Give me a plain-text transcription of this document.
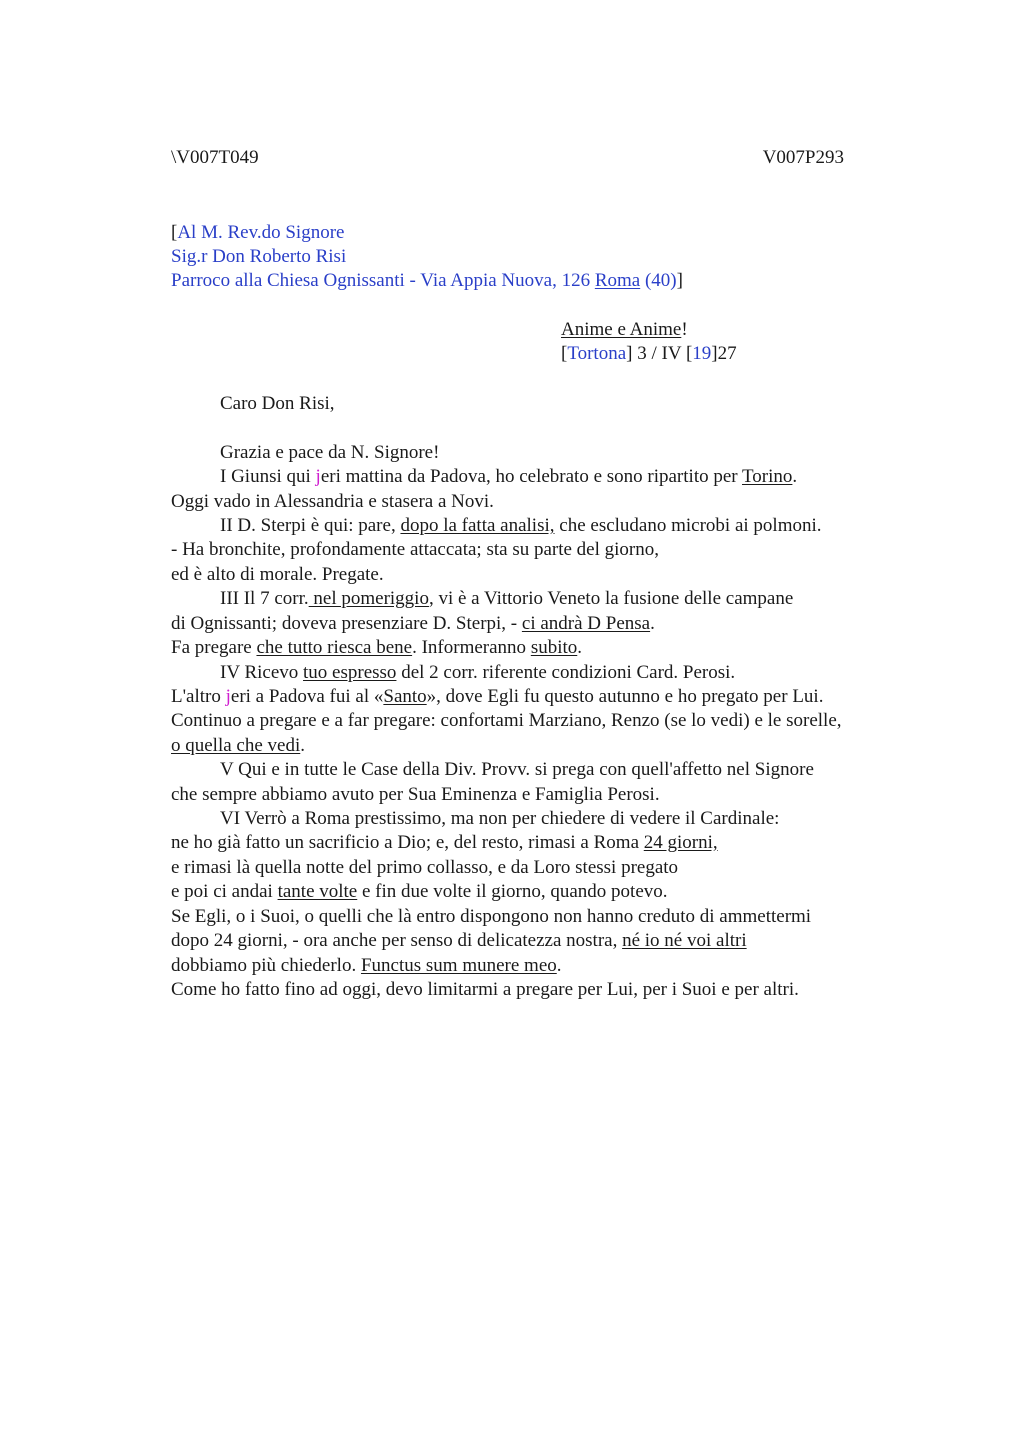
\V007T049	V007P293
[Al M. Rev.do Signore
Sig.r Don Roberto Risi
Parroco alla Chiesa Ognissanti - Via Appia Nuova, 126 Roma (40)]
Anime e Anime!
[Tortona] 3 / IV [19]27
Caro Don Risi,
Grazia e pace da N. Signore!
I Giunsi qui jeri mattina da Padova, ho celebrato e sono ripartito per Torino.
Oggi vado in Alessandria e stasera a Novi.
II D. Sterpi è qui: pare, dopo la fatta analisi, che escludano microbi ai polmoni.
- Ha bronchite, profondamente attaccata; sta su parte del giorno,
ed è alto di morale. Pregate.
III Il 7 corr. nel pomeriggio, vi è a Vittorio Veneto la fusione delle campane
di Ognissanti; doveva presenziare D. Sterpi, - ci andrà D Pensa.
Fa pregare che tutto riesca bene. Informeranno subito.
IV Ricevo tuo espresso del 2 corr. riferente condizioni Card. Perosi.
L'altro jeri a Padova fui al «Santo», dove Egli fu questo autunno e ho pregato per Lui.
Continuo a pregare e a far pregare: confortami Marziano, Renzo (se lo vedi) e le sorelle,
o quella che vedi.
V Qui e in tutte le Case della Div. Provv. si prega con quell'affetto nel Signore
che sempre abbiamo avuto per Sua Eminenza e Famiglia Perosi.
VI Verrò a Roma prestissimo, ma non per chiedere di vedere il Cardinale:
ne ho già fatto un sacrificio a Dio; e, del resto, rimasi a Roma 24 giorni,
e rimasi là quella notte del primo collasso, e da Loro stessi pregato
e poi ci andai tante volte e fin due volte il giorno, quando potevo.
Se Egli, o i Suoi, o quelli che là entro dispongono non hanno creduto di ammettermi
dopo 24 giorni, - ora anche per senso di delicatezza nostra, né io né voi altri
dobbiamo più chiederlo. Functus sum munere meo.
Come ho fatto fino ad oggi, devo limitarmi a pregare per Lui, per i Suoi e per altri.
